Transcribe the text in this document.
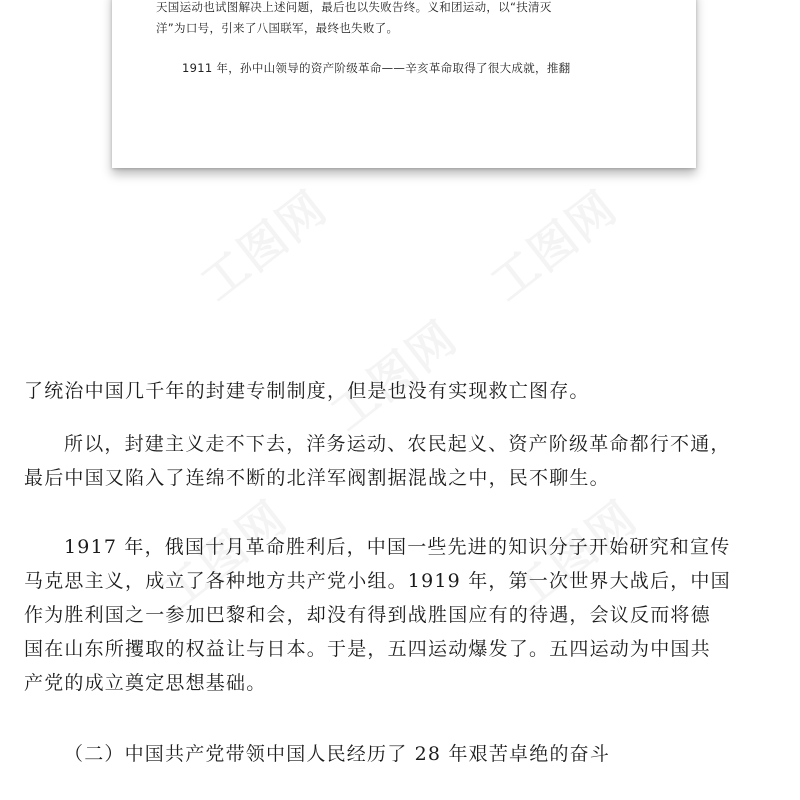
天国运动也试图解决上述问题，最后也以失败告终。义和团运动，以“扶清灭
洋”为口号，引来了八国联军，最终也失败了。
1911 年，孙中山领导的资产阶级革命——辛亥革命取得了很大成就，推翻
了统治中国几千年的封建专制制度，但是也没有实现救亡图存。
所以，封建主义走不下去，洋务运动、农民起义、资产阶级革命都行不通，
最后中国又陷入了连绵不断的北洋军阀割据混战之中，民不聊生。
1917 年，俄国十月革命胜利后，中国一些先进的知识分子开始研究和宣传
马克思主义，成立了各种地方共产党小组。1919 年，第一次世界大战后，中国
作为胜利国之一参加巴黎和会，却没有得到战胜国应有的待遇，会议反而将德
国在山东所攫取的权益让与日本。于是，五四运动爆发了。五四运动为中国共
产党的成立奠定思想基础。
（二）中国共产党带领中国人民经历了 28 年艰苦卓绝的奋斗
